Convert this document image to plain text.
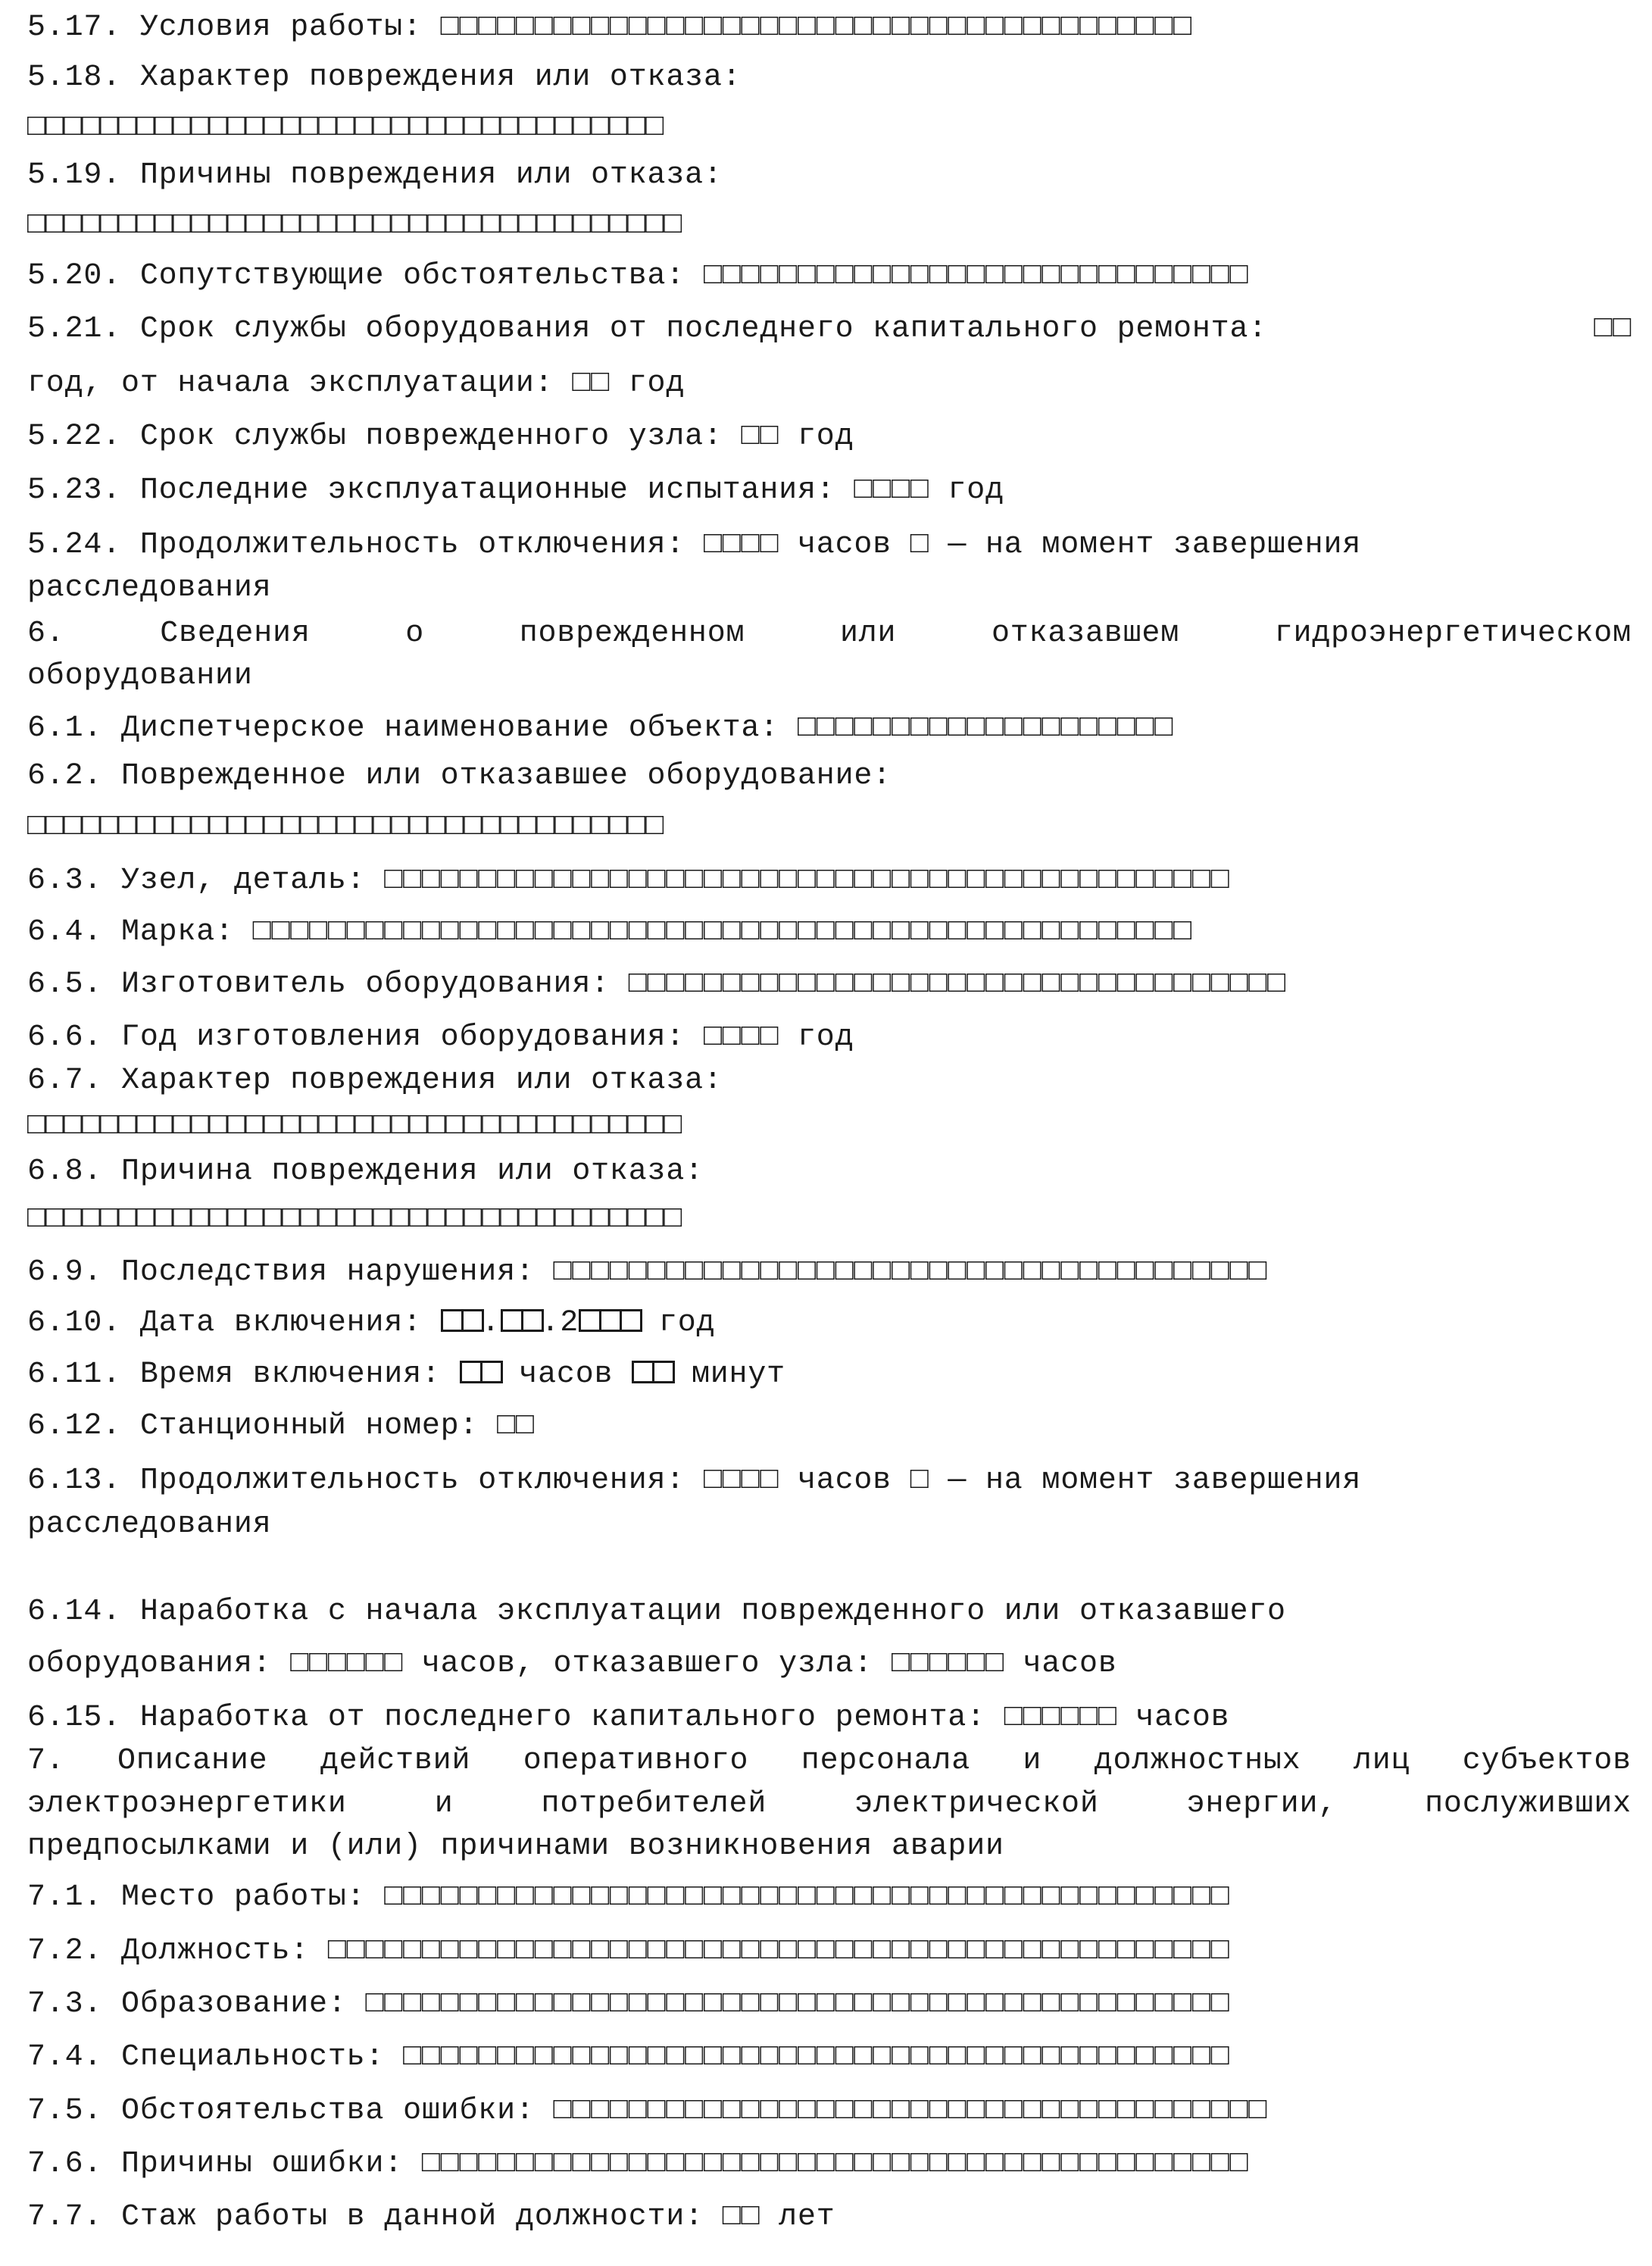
5.17. Условия работы: □□□□□□□□□□□□□□□□□□□□□□□□□□□□□□□□□□□□□□□□
5.18. Характер повреждения или отказа:
□□□□□□□□□□□□□□□□□□□□□□□□□□□□□□□□□□□
5.19. Причины повреждения или отказа:
□□□□□□□□□□□□□□□□□□□□□□□□□□□□□□□□□□□□
5.20. Сопутствующие обстоятельства: □□□□□□□□□□□□□□□□□□□□□□□□□□□□□
5.21. Срок службы оборудования от последнего капитального ремонта:	□□
год, от начала эксплуатации: □□ год
5.22. Срок службы поврежденного узла: □□ год
5.23. Последние эксплуатационные испытания: □□□□ год
5.24. Продолжительность отключения: □□□□ часов □ — на момент завершения
расследования
6.	Сведения	о	поврежденном	или	отказавшем	гидроэнергетическом
оборудовании
6.1. Диспетчерское наименование объекта: □□□□□□□□□□□□□□□□□□□□
6.2. Поврежденное или отказавшее оборудование:
□□□□□□□□□□□□□□□□□□□□□□□□□□□□□□□□□□□
6.3. Узел, деталь: □□□□□□□□□□□□□□□□□□□□□□□□□□□□□□□□□□□□□□□□□□□□□
6.4. Марка: □□□□□□□□□□□□□□□□□□□□□□□□□□□□□□□□□□□□□□□□□□□□□□□□□□
6.5. Изготовитель оборудования: □□□□□□□□□□□□□□□□□□□□□□□□□□□□□□□□□□□
6.6. Год изготовления оборудования: □□□□ год
6.7. Характер повреждения или отказа:
□□□□□□□□□□□□□□□□□□□□□□□□□□□□□□□□□□□□
6.8. Причина повреждения или отказа:
□□□□□□□□□□□□□□□□□□□□□□□□□□□□□□□□□□□□
6.9. Последствия нарушения: □□□□□□□□□□□□□□□□□□□□□□□□□□□□□□□□□□□□□□
6.10. Дата включения: . .2 год
6.11. Время включения:  часов  минут
6.12. Станционный номер: □□
6.13. Продолжительность отключения: □□□□ часов □ — на момент завершения
расследования
6.14. Наработка с начала эксплуатации поврежденного или отказавшего
оборудования: □□□□□□ часов, отказавшего узла: □□□□□□ часов
6.15. Наработка от последнего капитального ремонта: □□□□□□ часов
7. Описание действий оперативного персонала и должностных лиц субъектов
электроэнергетики	и	потребителей	электрической	энергии,	послуживших
предпосылками и (или) причинами возникновения аварии
7.1. Место работы: □□□□□□□□□□□□□□□□□□□□□□□□□□□□□□□□□□□□□□□□□□□□□
7.2. Должность: □□□□□□□□□□□□□□□□□□□□□□□□□□□□□□□□□□□□□□□□□□□□□□□□
7.3. Образование: □□□□□□□□□□□□□□□□□□□□□□□□□□□□□□□□□□□□□□□□□□□□□□
7.4. Специальность: □□□□□□□□□□□□□□□□□□□□□□□□□□□□□□□□□□□□□□□□□□□□
7.5. Обстоятельства ошибки: □□□□□□□□□□□□□□□□□□□□□□□□□□□□□□□□□□□□□□
7.6. Причины ошибки: □□□□□□□□□□□□□□□□□□□□□□□□□□□□□□□□□□□□□□□□□□□□
7.7. Стаж работы в данной должности: □□ лет
